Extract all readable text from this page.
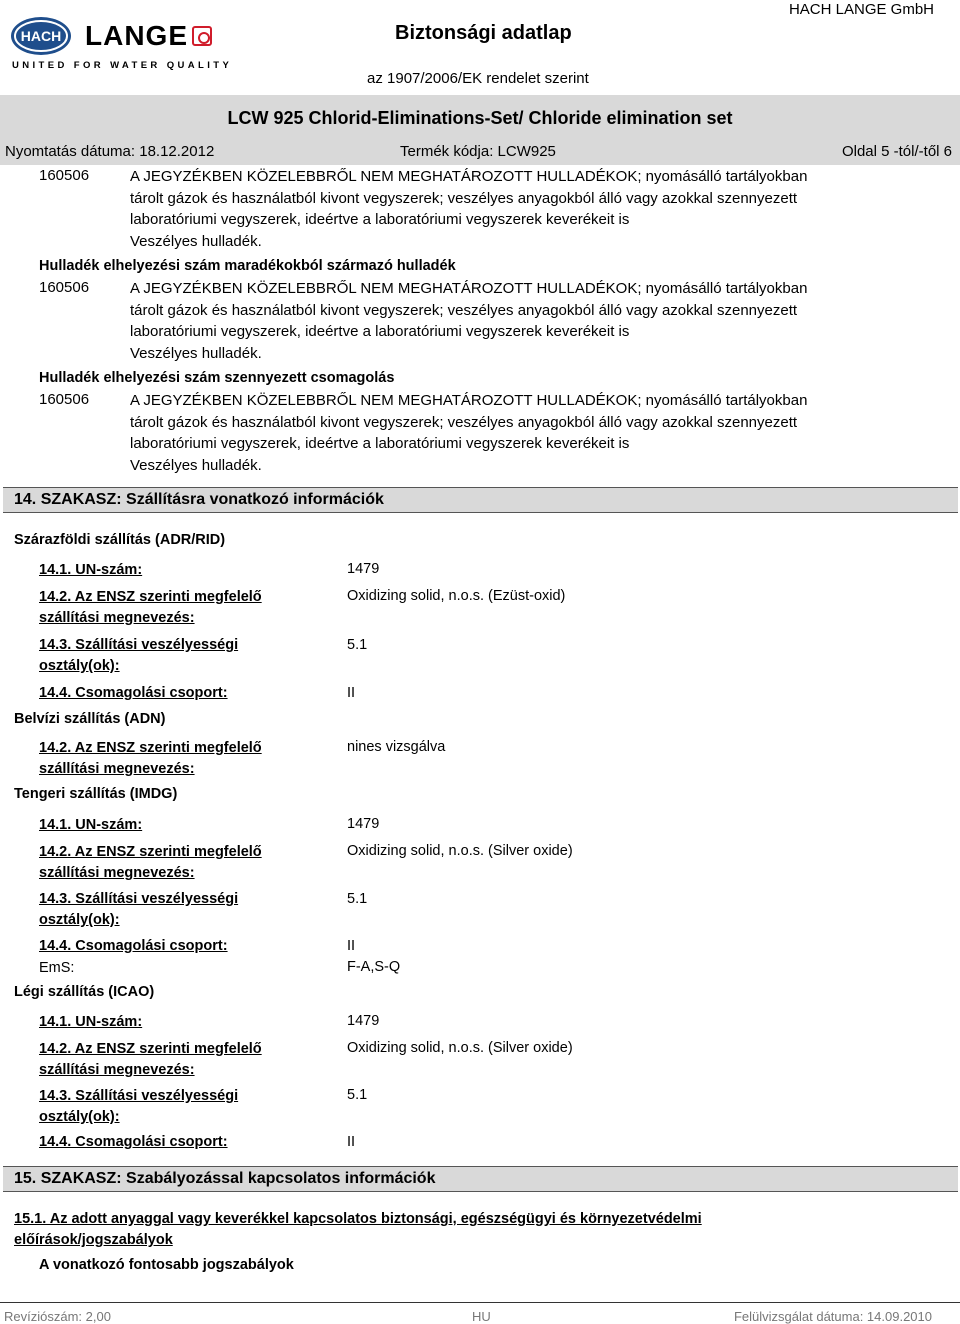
HACH LANGE
UNITED FOR WATER QUALITY
Biztonsági adatlap
HACH LANGE GmbH
az 1907/2006/EK rendelet szerint
LCW 925 Chlorid-Eliminations-Set/ Chloride elimination set
Nyomtatás dátuma: 18.12.2012	Termék kódja: LCW925	Oldal 5 -tól/-től 6
160506	A JEGYZÉKBEN KÖZELEBBRŐL NEM MEGHATÁROZOTT HULLADÉKOK; nyomásálló tartályokban
tárolt gázok és használatból kivont vegyszerek; veszélyes anyagokból álló vagy azokkal szennyezett
laboratóriumi vegyszerek, ideértve a laboratóriumi vegyszerek keverékeit is
Veszélyes hulladék.
Hulladék elhelyezési szám maradékokból származó hulladék
160506	A JEGYZÉKBEN KÖZELEBBRŐL NEM MEGHATÁROZOTT HULLADÉKOK; nyomásálló tartályokban
tárolt gázok és használatból kivont vegyszerek; veszélyes anyagokból álló vagy azokkal szennyezett
laboratóriumi vegyszerek, ideértve a laboratóriumi vegyszerek keverékeit is
Veszélyes hulladék.
Hulladék elhelyezési szám szennyezett csomagolás
160506	A JEGYZÉKBEN KÖZELEBBRŐL NEM MEGHATÁROZOTT HULLADÉKOK; nyomásálló tartályokban
tárolt gázok és használatból kivont vegyszerek; veszélyes anyagokból álló vagy azokkal szennyezett
laboratóriumi vegyszerek, ideértve a laboratóriumi vegyszerek keverékeit is
Veszélyes hulladék.
14. SZAKASZ: Szállításra vonatkozó információk
Szárazföldi szállítás (ADR/RID)
14.1. UN-szám:	1479
14.2. Az ENSZ szerinti megfelelő
szállítási megnevezés:
Oxidizing solid, n.o.s. (Ezüst-oxid)
14.3. Szállítási veszélyességi
osztály(ok):
5.1
14.4. Csomagolási csoport:	II
Belvízi szállítás (ADN)
14.2. Az ENSZ szerinti megfelelő
szállítási megnevezés:
nines vizsgálva
Tengeri szállítás (IMDG)
14.1. UN-szám:	1479
14.2. Az ENSZ szerinti megfelelő
szállítási megnevezés:
Oxidizing solid, n.o.s. (Silver oxide)
14.3. Szállítási veszélyességi
osztály(ok):
5.1
14.4. Csomagolási csoport:	II
EmS:	F-A,S-Q
Légi szállítás (ICAO)
14.1. UN-szám:	1479
14.2. Az ENSZ szerinti megfelelő
szállítási megnevezés:
Oxidizing solid, n.o.s. (Silver oxide)
14.3. Szállítási veszélyességi
osztály(ok):
5.1
14.4. Csomagolási csoport:	II
15. SZAKASZ: Szabályozással kapcsolatos információk
15.1. Az adott anyaggal vagy keverékkel kapcsolatos biztonsági, egészségügyi és környezetvédelmi
előírások/jogszabályok
A vonatkozó fontosabb jogszabályok
Revíziószám: 2,00	HU	Felülvizsgálat dátuma: 14.09.2010
